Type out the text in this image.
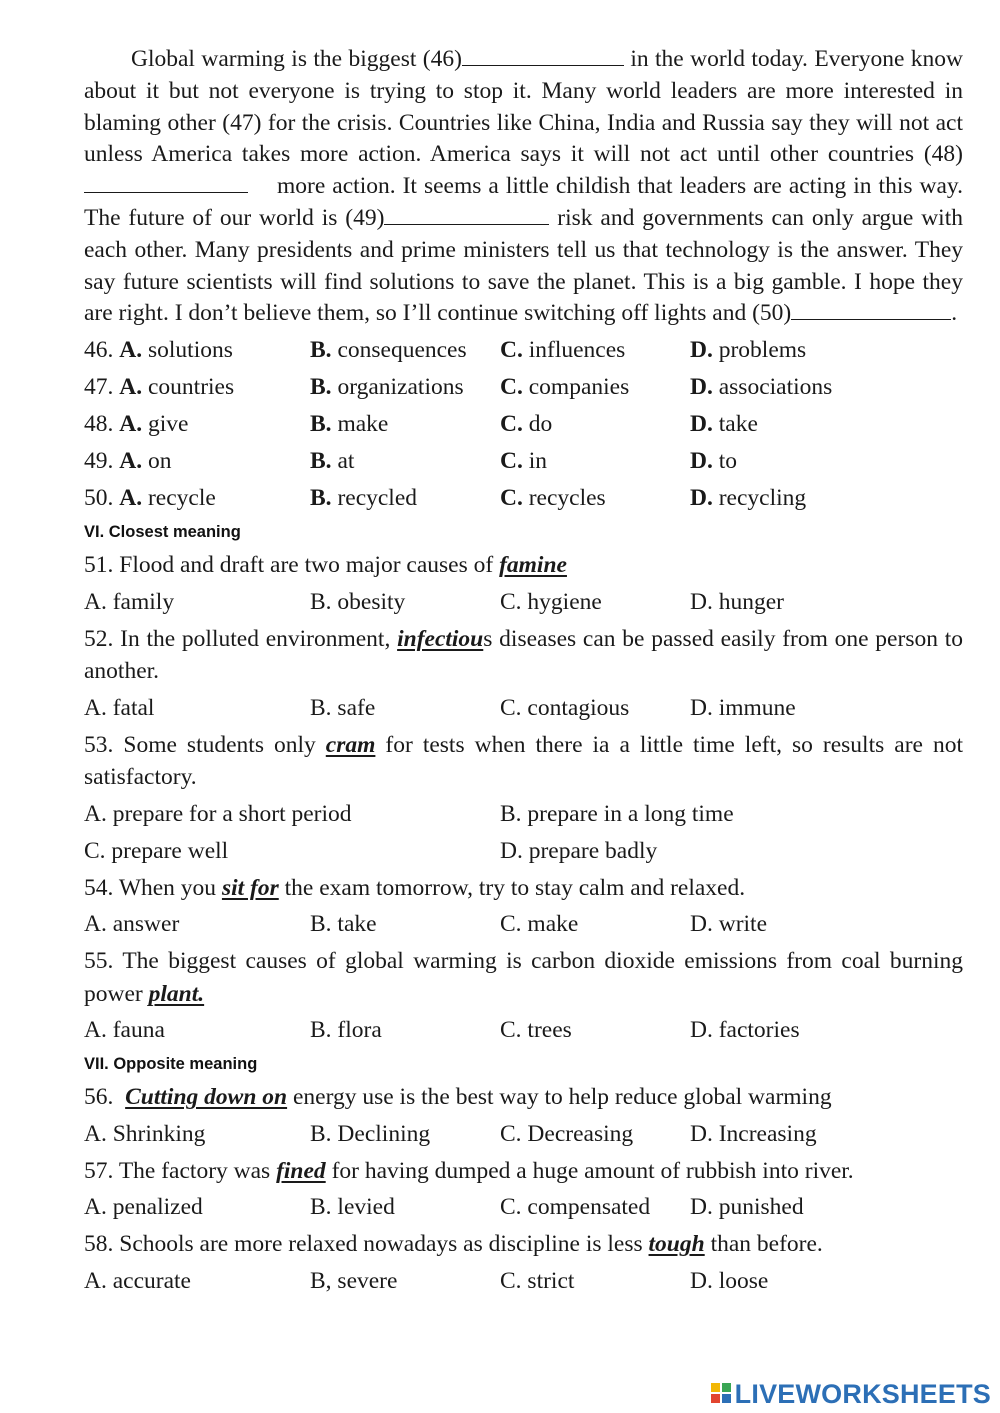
Global warming is the biggest (46)	in the world today. Everyone know about it but not everyone is trying to stop it. Many world leaders are more interested in blaming other (47) for the crisis. Countries like China, India and Russia say they will not act unless America takes more action. America says it will not act until other countries (48) more action. It seems a little childish that leaders are acting in this way. The future of our world is (49)	risk and governments can only argue with each other. Many presidents and prime ministers tell us that technology is the answer. They say future scientists will find solutions to save the planet. This is a big gamble. I hope they are right. I don’t believe them, so I’ll continue switching off lights and (50)	.

46. A. solutions	B. consequences C. influences	D. problems
47. A. countries	B. organizations C. companies	D. associations
48. A. give	B. make	C. do	D. take
49. A. on	B. at	C. in	D. to
50. A. recycle	B. recycled	C. recycles	D. recycling
VI. Closest meaning

51. Flood and draft are two major causes of famine

A. family	B. obesity	C. hygiene	D. hunger

52. In the polluted environment, infectious diseases can be passed easily from one person to another.

A. fatal	B. safe	C. contagious	D. immune

53. Some students only cram for tests when there ia a little time left, so results are not satisfactory.

A. prepare for a short period	B. prepare in a long time
C. prepare well	D. prepare badly

54. When you sit for the exam tomorrow, try to stay calm and relaxed.

A. answer	B. take	C. make	D. write

55. The biggest causes of global warming is carbon dioxide emissions from coal burning power plant.

A. fauna	B. flora	C. trees	D. factories
VII. Opposite meaning

56.  Cutting down on energy use is the best way to help reduce global warming

A. Shrinking	B. Declining	C. Decreasing D. Increasing

57. The factory was fined for having dumped a huge amount of rubbish into river.

A. penalized	B. levied	C. compensated D. punished

58. Schools are more relaxed nowadays as discipline is less tough than before.

A. accurate	B, severe	C. strict	D. loose
LIVEWORKSHEETS
